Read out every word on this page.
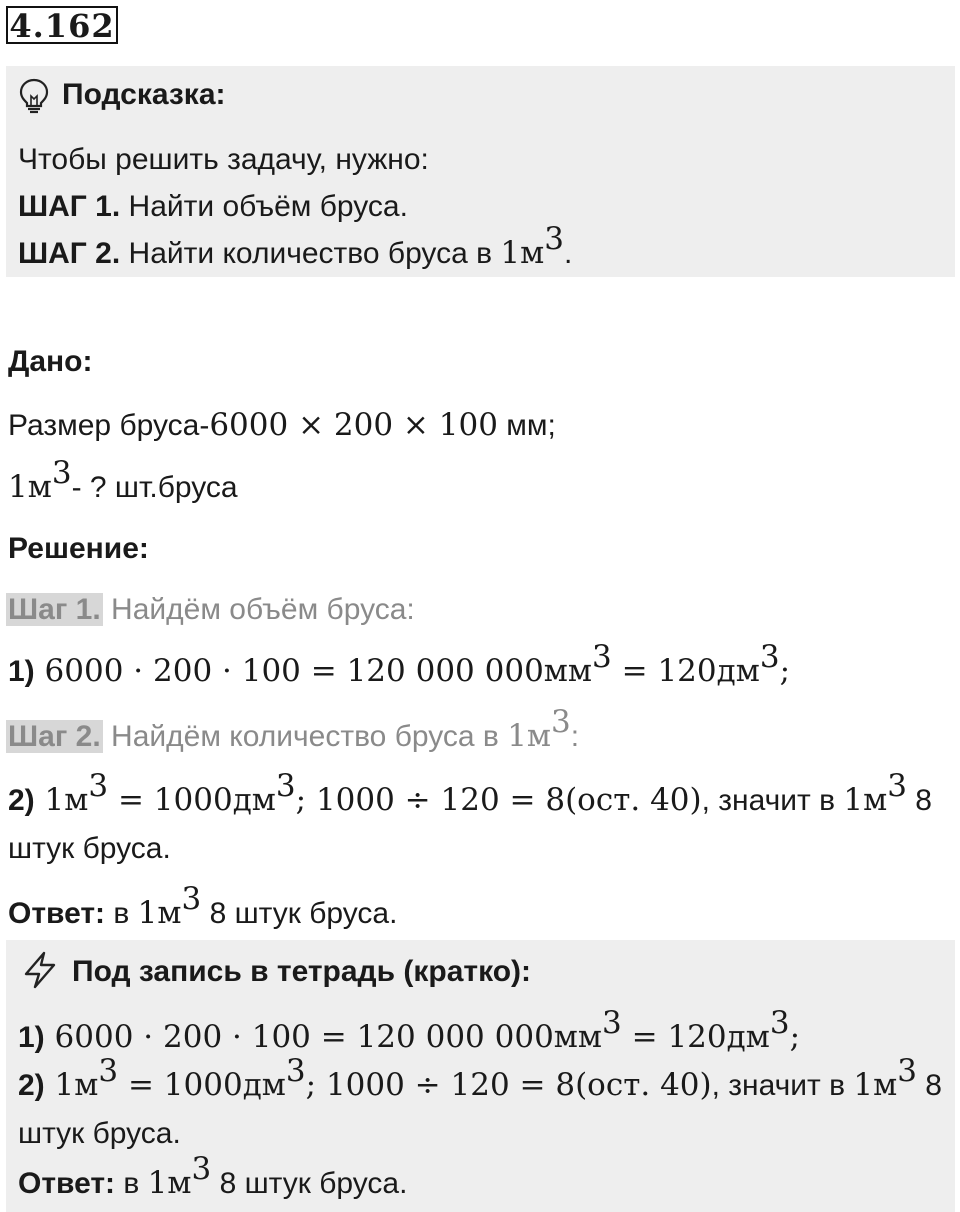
4.162
Подсказка:
Чтобы решить задачу, нужно:
ШАГ 1. Найти объём бруса.
ШАГ 2. Найти количество бруса в $1м^3$.
Дано:
Размер бруса-6000 × 200 × 100 мм;
$1м^3-$ ? шт.бруса
Решение:
Шаг 1. Найдём объём бруса:
1) 6000 · 200 · 100 = 120 000 $000мм^3 = 120дм^3$;
Шаг 2. Найдём количество бруса в $1м^3$:
2) $1м^3 = 1000дм^3$; 1000 ÷ 120 = 8(ост. 40), значит в $1м^3$ 8
штук бруса.
Ответ: в $1м^3$ 8 штук бруса.
Под запись в тетрадь (кратко):
1) 6000 · 200 · 100 = 120 000 $000мм^3 = 120дм^3$;
2) $1м^3 = 1000дм^3$; 1000 ÷ 120 = 8(ост. 40), значит в $1м^3$ 8
штук бруса.
Ответ: в $1м^3$ 8 штук бруса.
